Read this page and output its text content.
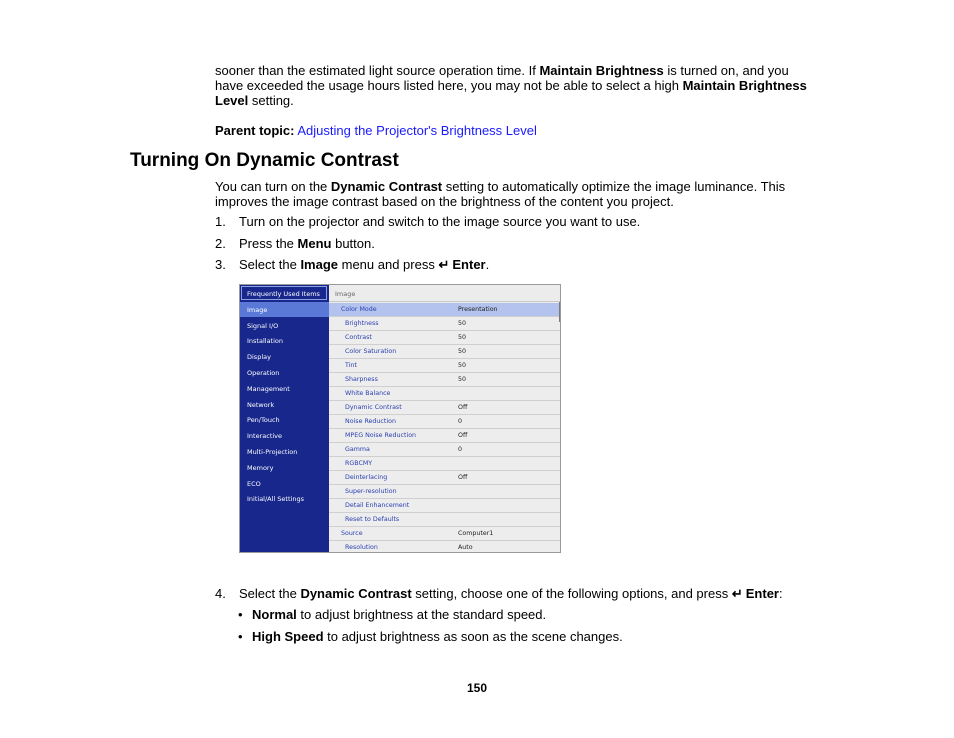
sooner than the estimated light source operation time. If Maintain Brightness is turned on, and you have exceeded the usage hours listed here, you may not be able to select a high Maintain Brightness Level setting.
Parent topic: Adjusting the Projector's Brightness Level
Turning On Dynamic Contrast
You can turn on the Dynamic Contrast setting to automatically optimize the image luminance. This improves the image contrast based on the brightness of the content you project.
1. Turn on the projector and switch to the image source you want to use.
2. Press the Menu button.
3. Select the Image menu and press ↵ Enter.
Frequently Used Items
Image
Signal I/O
Installation
Display
Operation
Management
Network
Pen/Touch
Interactive
Multi-Projection
Memory
ECO
Initial/All Settings
Image
Color Mode	Presentation
Brightness	50
Contrast	50
Color Saturation	50
Tint	50
Sharpness	50
White Balance
Dynamic Contrast	Off
Noise Reduction	0
MPEG Noise Reduction	Off
Gamma	0
RGBCMY
Deinterlacing	Off
Super-resolution
Detail Enhancement
Reset to Defaults
Source	Computer1
Resolution	Auto
4. Select the Dynamic Contrast setting, choose one of the following options, and press ↵ Enter:
• Normal to adjust brightness at the standard speed.
• High Speed to adjust brightness as soon as the scene changes.
150
